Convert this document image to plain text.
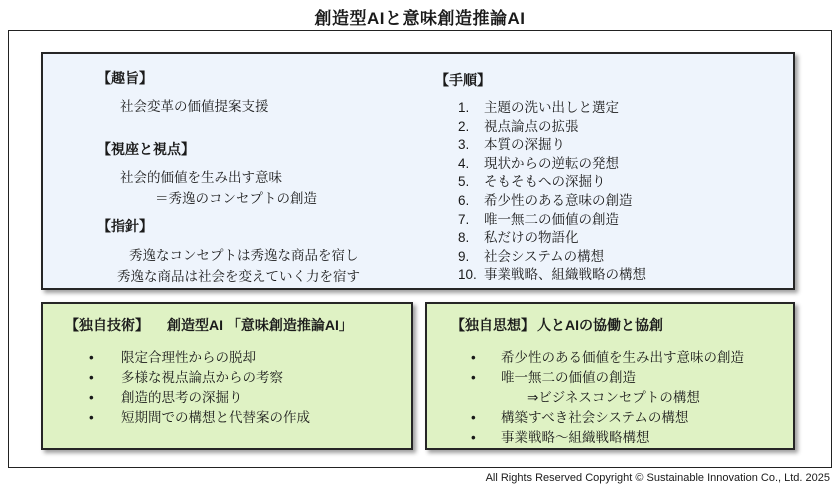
創造型AIと意味創造推論AI
【趣旨】
社会変革の価値提案支援
【視座と視点】
社会的価値を生み出す意味
＝秀逸のコンセプトの創造
【指針】
秀逸なコンセプトは秀逸な商品を宿し
秀逸な商品は社会を変えていく力を宿す
【手順】
1.	主題の洗い出しと選定
2.	視点論点の拡張
3.	本質の深掘り
4.	現状からの逆転の発想
5.	そもそもへの深掘り
6.	希少性のある意味の創造
7.	唯一無二の価値の創造
8.	私だけの物語化
9.	社会システムの構想
10. 事業戦略、組織戦略の構想
【独自技術】 創造型AI 「意味創造推論AI」
•	限定合理性からの脱却
•	多様な視点論点からの考察
•	創造的思考の深掘り
•	短期間での構想と代替案の作成
【独自思想】 人とAIの協働と協創
•	希少性のある価値を生み出す意味の創造
•	唯一無二の価値の創造
⇒ビジネスコンセプトの構想
•	構築すべき社会システムの構想
•	事業戦略～組織戦略構想
All Rights Reserved Copyright © Sustainable Innovation Co., Ltd. 2025
